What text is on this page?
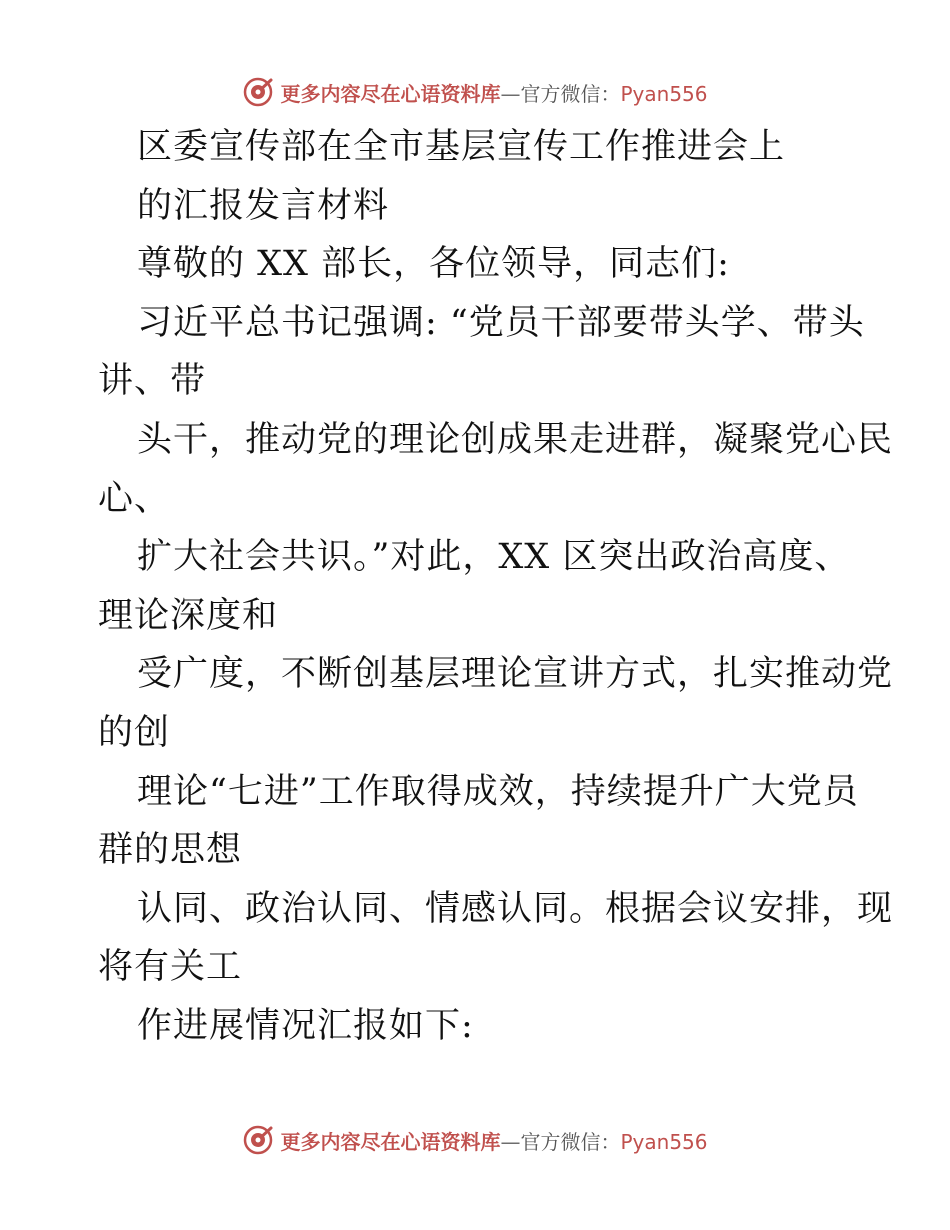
更多内容尽在心语资料库—官方微信：Pyan556
区委宣传部在全市基层宣传工作推进会上
的汇报发言材料
尊敬的 XX 部长，各位领导，同志们:
习近平总书记强调: “党员干部要带头学、带头
讲、带
头干，推动党的理论创成果走进群，凝聚党心民
心、
扩大社会共识。”对此，XX 区突出政治高度、
理论深度和
受广度，不断创基层理论宣讲方式，扎实推动党
的创
理论“七进”工作取得成效，持续提升广大党员
群的思想
认同、政治认同、情感认同。根据会议安排，现
将有关工
作进展情况汇报如下:
更多内容尽在心语资料库—官方微信：Pyan556
